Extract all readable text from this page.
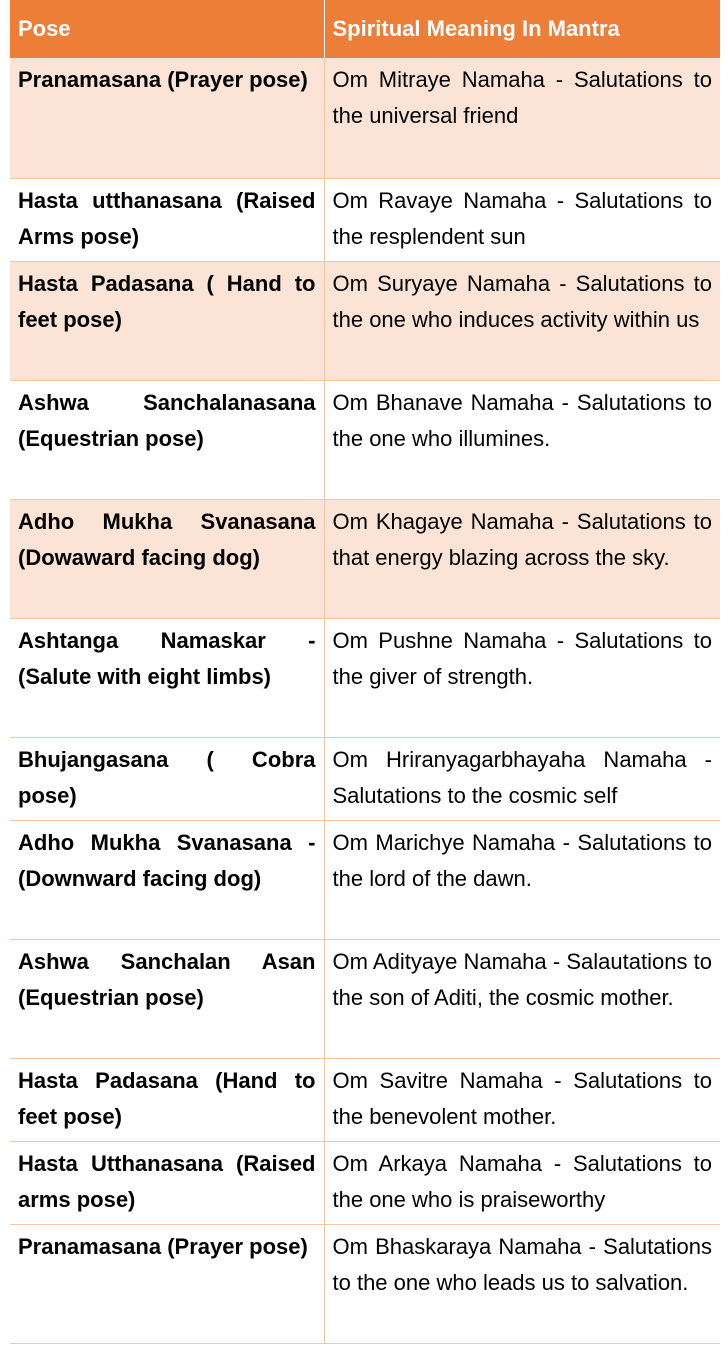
Pose	Spiritual Meaning In Mantra
Pranamasana (Prayer pose)	Om Mitraye Namaha - Salutations to the universal friend
Hasta utthanasana (Raised Arms pose)	Om Ravaye Namaha - Salutations to the resplendent sun
Hasta Padasana ( Hand to feet pose)	Om Suryaye Namaha - Salutations to the one who induces activity within us
Ashwa Sanchalanasana (Equestrian pose)	Om Bhanave Namaha - Salutations to the one who illumines.
Adho Mukha Svanasana (Dowaward facing dog)	Om Khagaye Namaha - Salutations to that energy blazing across the sky.
Ashtanga Namaskar - (Salute with eight limbs)	Om Pushne Namaha - Salutations to the giver of strength.
Bhujangasana ( Cobra pose)	Om Hriranyagarbhayaha Namaha - Salutations to the cosmic self
Adho Mukha Svanasana - (Downward facing dog)	Om Marichye Namaha - Salutations to the lord of the dawn.
Ashwa Sanchalan Asan (Equestrian pose)	Om Adityaye Namaha - Salautations to the son of Aditi, the cosmic mother.
Hasta Padasana (Hand to feet pose)	Om Savitre Namaha - Salutations to the benevolent mother.
Hasta Utthanasana (Raised arms pose)	Om Arkaya Namaha - Salutations to the one who is praiseworthy
Pranamasana (Prayer pose)	Om Bhaskaraya Namaha - Salutations to the one who leads us to salvation.
